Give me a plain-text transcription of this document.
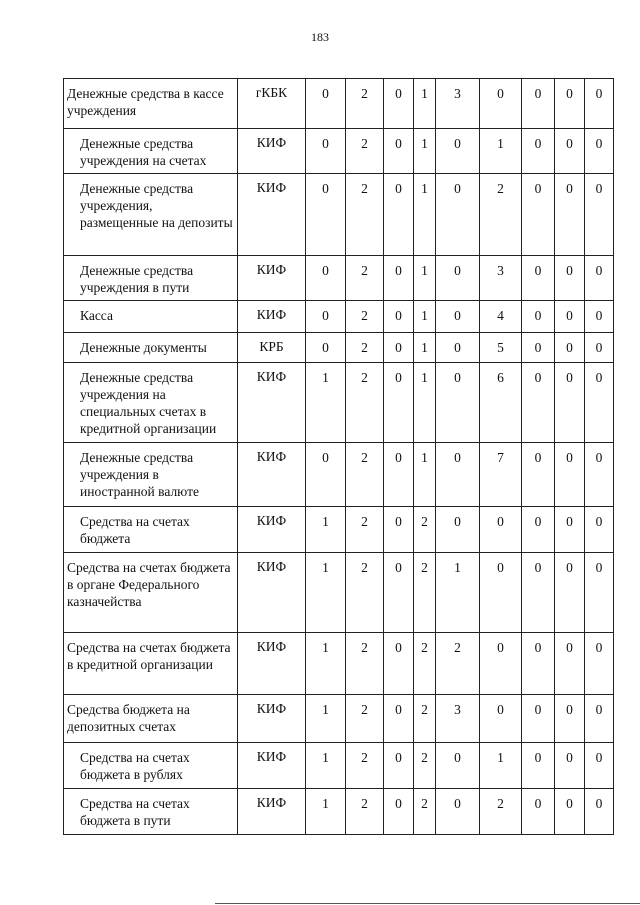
183
Денежные средства в кассе учреждения	гКБК	0	2	0	1	3	0	0	0	0
Денежные средства учреждения на счетах	КИФ	0	2	0	1	0	1	0	0	0
Денежные средства учреждения, размещенные на депозиты	КИФ	0	2	0	1	0	2	0	0	0
Денежные средства учреждения в пути	КИФ	0	2	0	1	0	3	0	0	0
Касса	КИФ	0	2	0	1	0	4	0	0	0
Денежные документы	КРБ	0	2	0	1	0	5	0	0	0
Денежные средства учреждения на специальных счетах в кредитной организации	КИФ	1	2	0	1	0	6	0	0	0
Денежные средства учреждения в иностранной валюте	КИФ	0	2	0	1	0	7	0	0	0
Средства на счетах бюджета	КИФ	1	2	0	2	0	0	0	0	0
Средства на счетах бюджета в органе Федерального казначейства	КИФ	1	2	0	2	1	0	0	0	0
Средства на счетах бюджета в кредитной организации	КИФ	1	2	0	2	2	0	0	0	0
Средства бюджета на депозитных счетах	КИФ	1	2	0	2	3	0	0	0	0
Средства на счетах бюджета в рублях	КИФ	1	2	0	2	0	1	0	0	0
Средства на счетах бюджета в пути	КИФ	1	2	0	2	0	2	0	0	0
